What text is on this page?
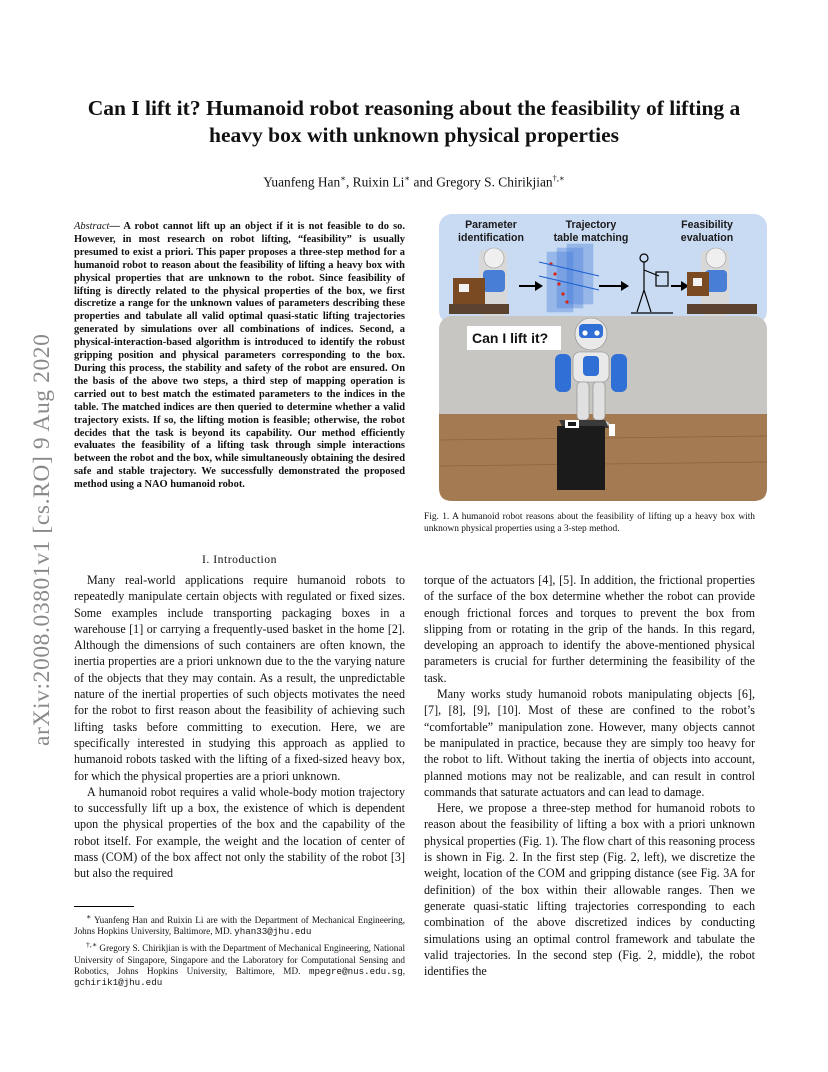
arXiv:2008.03801v1 [cs.RO] 9 Aug 2020
Can I lift it? Humanoid robot reasoning about the feasibility of lifting a heavy box with unknown physical properties
Yuanfeng Han∗, Ruixin Li∗ and Gregory S. Chirikjian†,∗
Abstract— A robot cannot lift up an object if it is not feasible to do so. However, in most research on robot lifting, “feasibility” is usually presumed to exist a priori. This paper proposes a three-step method for a humanoid robot to reason about the feasibility of lifting a heavy box with physical properties that are unknown to the robot. Since feasibility of lifting is directly related to the physical properties of the box, we first discretize a range for the unknown values of parameters describing these properties and tabulate all valid optimal quasi-static lifting trajectories generated by simulations over all combinations of indices. Second, a physical-interaction-based algorithm is introduced to identify the robust gripping position and physical parameters corresponding to the box. During this process, the stability and safety of the robot are ensured. On the basis of the above two steps, a third step of mapping operation is carried out to best match the estimated parameters to the indices in the table. The matched indices are then queried to determine whether a valid trajectory exists. If so, the lifting motion is feasible; otherwise, the robot decides that the task is beyond its capability. Our method efficiently evaluates the feasibility of a lifting task through simple interactions between the robot and the box, while simultaneously obtaining the desired safe and stable trajectory. We successfully demonstrated the proposed method using a NAO humanoid robot.
I. Introduction

Many real-world applications require humanoid robots to repeatedly manipulate certain objects with regulated or fixed sizes. Some examples include transporting packaging boxes in a warehouse [1] or carrying a frequently-used basket in the home [2]. Although the dimensions of such containers are often known, the inertia properties are a priori unknown due to the the varying nature of the objects that they may contain. As a result, the unpredictable nature of the inertial properties of such objects motivates the need for the robot to first reason about the feasibility of achieving such lifting tasks before committing to execution. Here, we are specifically interested in studying this approach as applied to humanoid robots tasked with the lifting of a fixed-sized heavy box, for which the physical properties are a priori unknown.

A humanoid robot requires a valid whole-body motion trajectory to successfully lift up a box, the existence of which is dependent upon the physical properties of the box and the capability of the robot itself. For example, the weight and the location of center of mass (COM) of the box affect not only the stability of the robot [3] but also the required

∗ Yuanfeng Han and Ruixin Li are with the Department of Mechanical Engineering, Johns Hopkins University, Baltimore, MD. yhan33@jhu.edu

†,∗ Gregory S. Chirikjian is with the Department of Mechanical Engineering, National University of Singapore, Singapore and the Laboratory for Computational Sensing and Robotics, Johns Hopkins University, Baltimore, MD. mpegre@nus.edu.sg, gchirik1@jhu.edu

torque of the actuators [4], [5]. In addition, the frictional properties of the surface of the box determine whether the robot can provide enough frictional forces and torques to prevent the box from slipping from or rotating in the grip of the hands. In this regard, developing an approach to identify the above-mentioned physical parameters is crucial for further determining the feasibility of the task.

Many works study humanoid robots manipulating objects [6], [7], [8], [9], [10]. Most of these are confined to the robot’s “comfortable” manipulation zone. However, many objects cannot be manipulated in practice, because they are simply too heavy for the robot to lift. Without taking the inertia of objects into account, planned motions may not be realizable, and can result in control commands that saturate actuators and can lead to damage.

Here, we propose a three-step method for humanoid robots to reason about the feasibility of lifting a box with a priori unknown physical properties (Fig. 1). The flow chart of this reasoning process is shown in Fig. 2. In the first step (Fig. 2, left), we discretize the weight, location of the COM and gripping distance (see Fig. 3A for definition) of the box within their allowable ranges. Then we generate quasi-static lifting trajectories corresponding to each combination of the above discretized indices by conducting simulations using an optimal control framework and tabulate the valid trajectories. In the second step (Fig. 2, middle), the robot identifies the

Parameter
identification
Trajectory
table matching
Feasibility
evaluation
Can I lift it?
Fig. 1. A humanoid robot reasons about the feasibility of lifting up a heavy box with unknown physical properties using a 3-step method.
